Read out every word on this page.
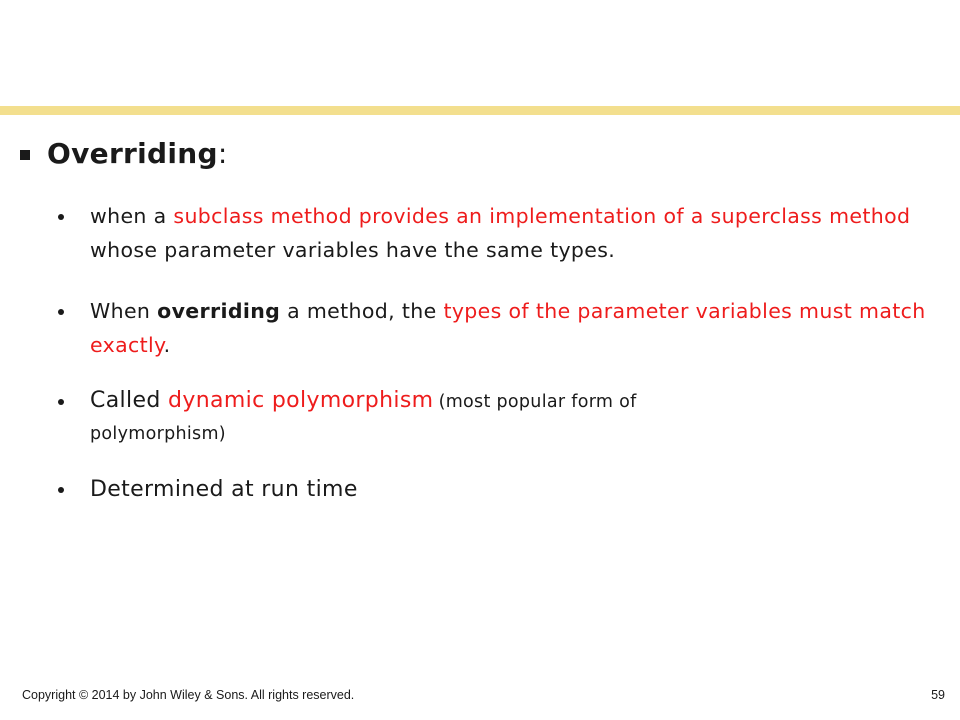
Overriding:
when a subclass method provides an implementation of a superclass method whose parameter variables have the same types.
When overriding a method, the types of the parameter variables must match exactly.
Called dynamic polymorphism (most popular form of
polymorphism)
Determined at run time
Copyright © 2014 by John Wiley & Sons. All rights reserved.	59
